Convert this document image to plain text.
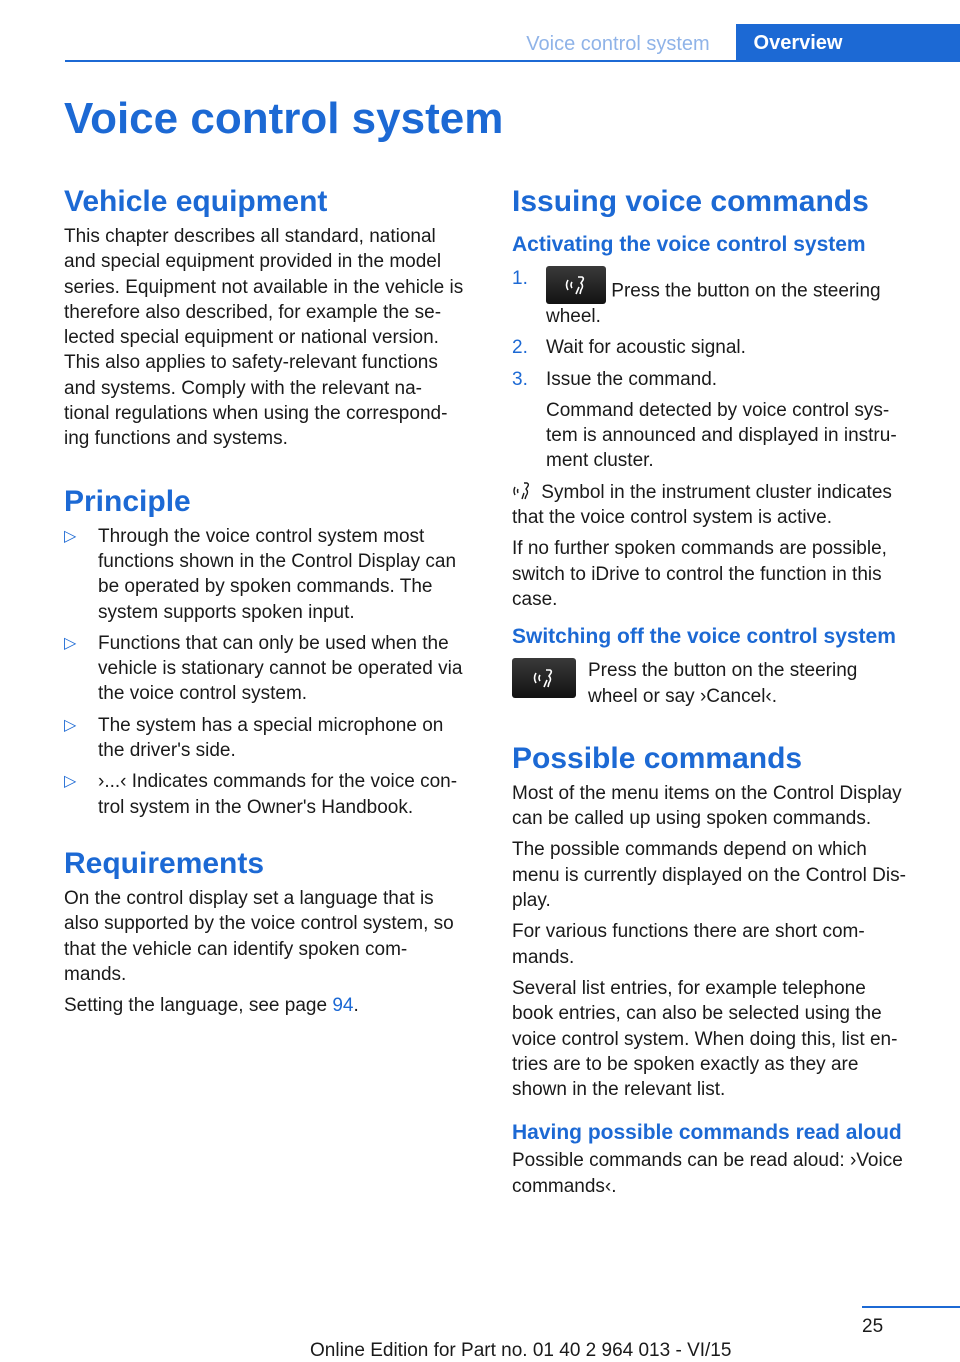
Voice control system	Overview
Voice control system
Vehicle equipment
This chapter describes all standard, national
and special equipment provided in the model
series. Equipment not available in the vehicle is
therefore also described, for example the se‐
lected special equipment or national version.
This also applies to safety-relevant functions
and systems. Comply with the relevant na‐
tional regulations when using the correspond‐
ing functions and systems.
Principle
▷ Through the voice control system most
functions shown in the Control Display can
be operated by spoken commands. The
system supports spoken input.
▷ Functions that can only be used when the
vehicle is stationary cannot be operated via
the voice control system.
▷ The system has a special microphone on
the driver's side.
▷ ›...‹ Indicates commands for the voice con‐
trol system in the Owner's Handbook.
Requirements
On the control display set a language that is
also supported by the voice control system, so
that the vehicle can identify spoken com‐
mands.
Setting the language, see page 94.
Issuing voice commands
Activating the voice control system
1.
Press the button on the steering
wheel.
2. Wait for acoustic signal.
3. Issue the command.
Command detected by voice control sys‐
tem is announced and displayed in instru‐
ment cluster.
Symbol in the instrument cluster indicates
that the voice control system is active.
If no further spoken commands are possible,
switch to iDrive to control the function in this
case.
Switching off the voice control system
Press the button on the steering
wheel or say ›Cancel‹.
Possible commands
Most of the menu items on the Control Display
can be called up using spoken commands.
The possible commands depend on which
menu is currently displayed on the Control Dis‐
play.
For various functions there are short com‐
mands.
Several list entries, for example telephone
book entries, can also be selected using the
voice control system. When doing this, list en‐
tries are to be spoken exactly as they are
shown in the relevant list.
Having possible commands read aloud
Possible commands can be read aloud: ›Voice
commands‹.
25
Online Edition for Part no. 01 40 2 964 013 - VI/15
